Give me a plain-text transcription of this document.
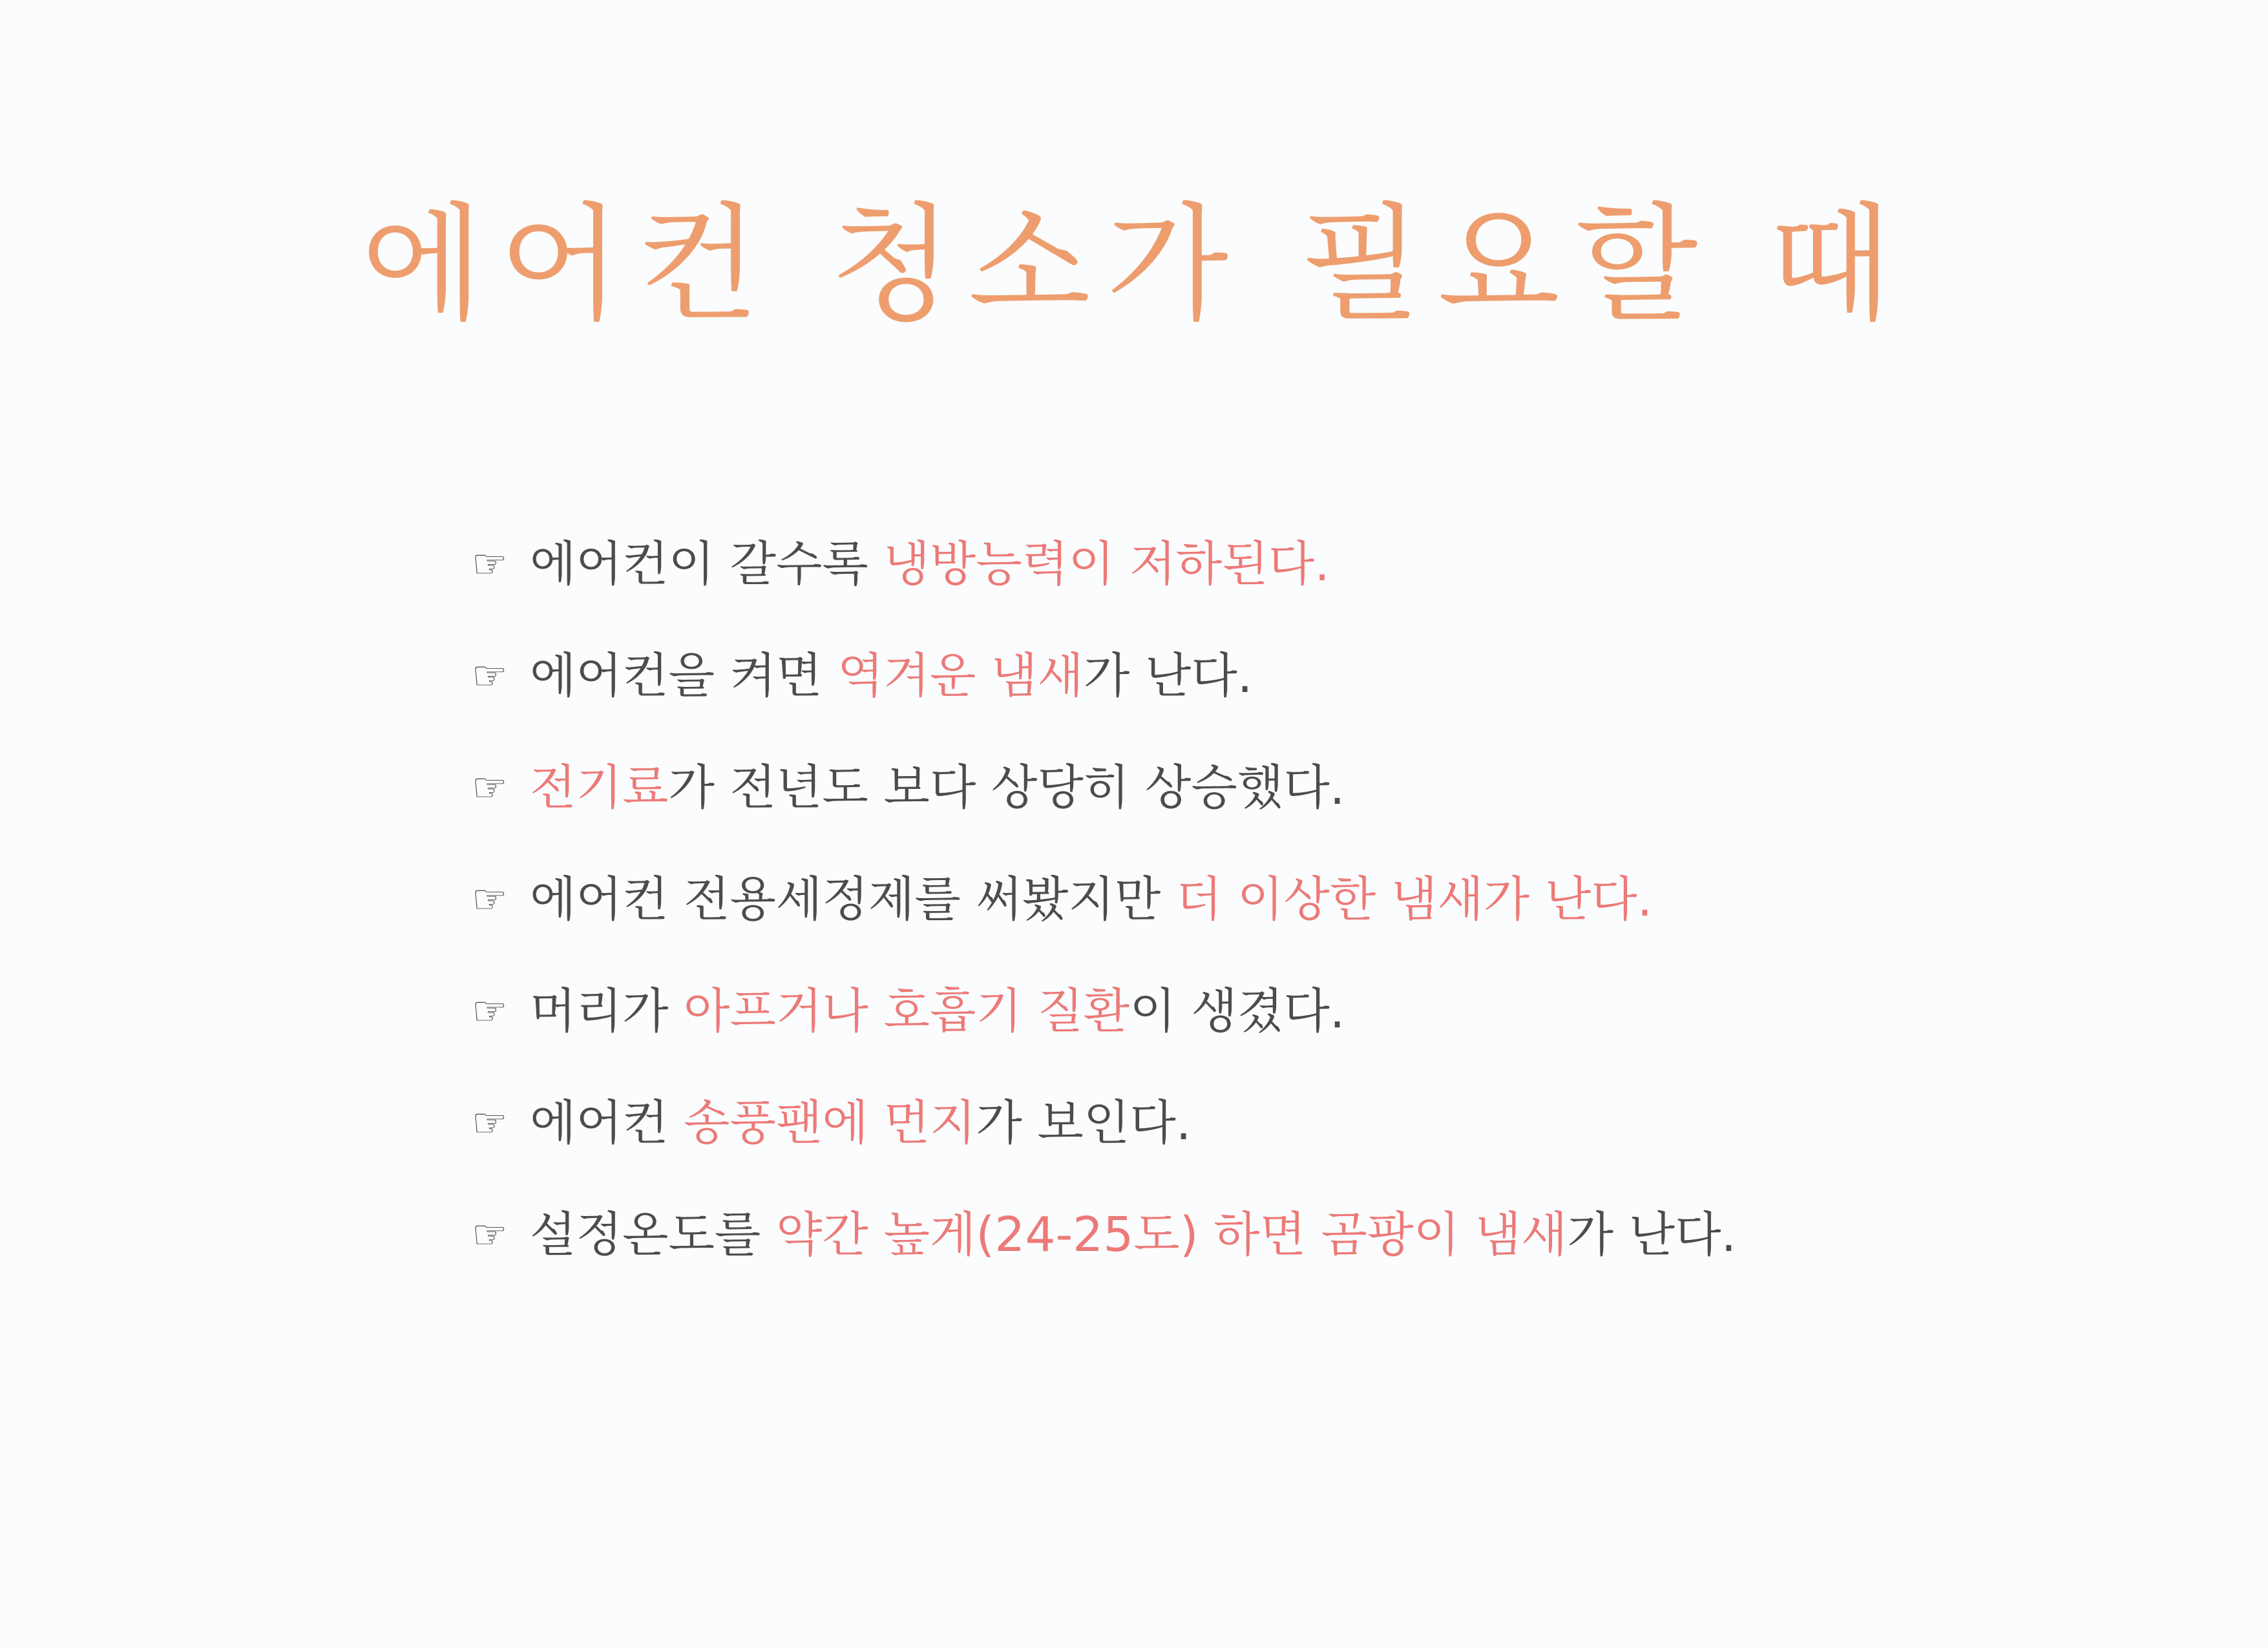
에어컨 청소가 필요할 때
☞ 에어컨이 갈수록 냉방능력이 저하된다.
☞ 에어컨을 켜면 역겨운 냄새가 난다.
☞ 전기료가 전년도 보다 상당히 상승했다.
☞ 에어컨 전용세정제를 써봤지만 더 이상한 냄새가 난다.
☞ 머리가 아프거나 호흡기 질환이 생겼다.
☞ 에어컨 송풍팬에 먼지가 보인다.
☞ 설정온도를 약간 높게(24-25도) 하면 곰팡이 냄새가 난다.
